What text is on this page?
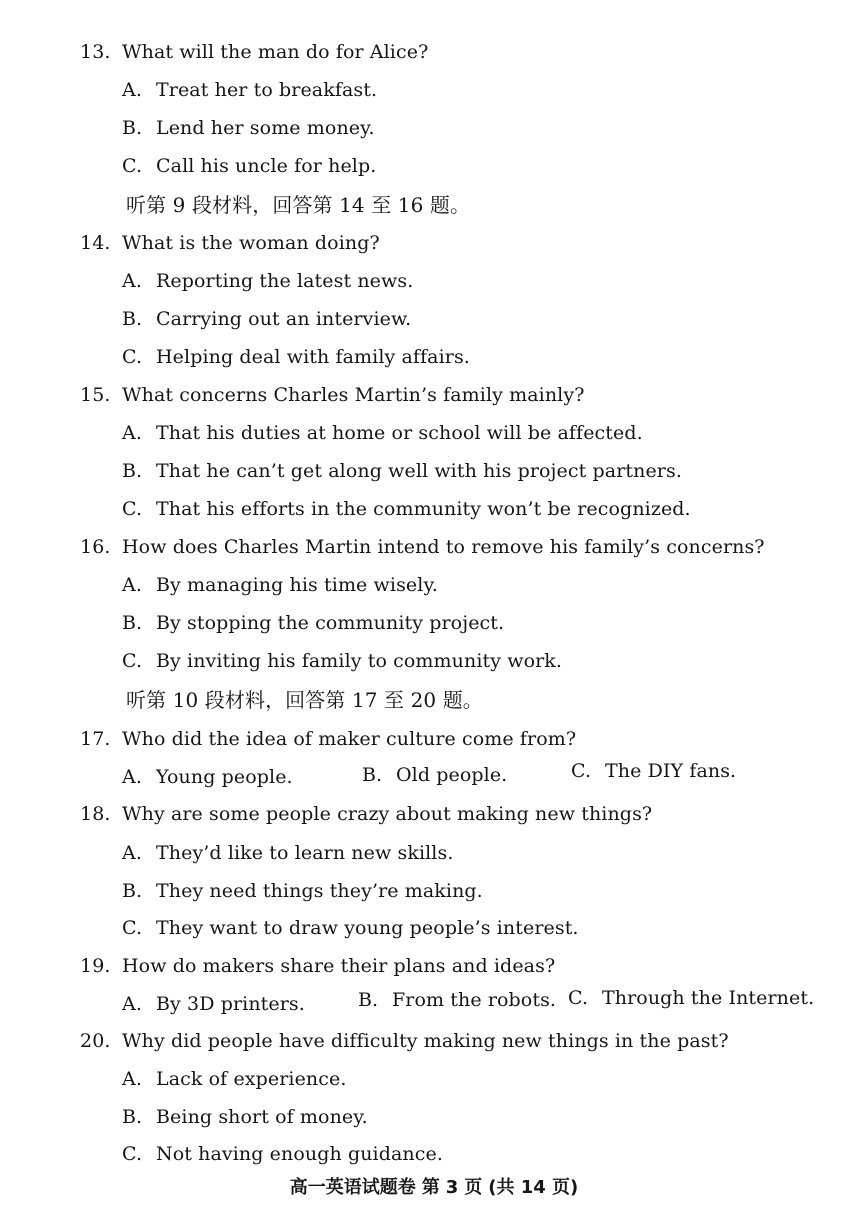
13. What will the man do for Alice?
A. Treat her to breakfast.
B. Lend her some money.
C. Call his uncle for help.
听第 9 段材料，回答第 14 至 16 题。
14. What is the woman doing?
A. Reporting the latest news.
B. Carrying out an interview.
C. Helping deal with family affairs.
15. What concerns Charles Martin’s family mainly?
A. That his duties at home or school will be affected.
B. That he can’t get along well with his project partners.
C. That his efforts in the community won’t be recognized.
16. How does Charles Martin intend to remove his family’s concerns?
A. By managing his time wisely.
B. By stopping the community project.
C. By inviting his family to community work.
听第 10 段材料，回答第 17 至 20 题。
17. Who did the idea of maker culture come from?
A. Young people.	B. Old people.	C. The DIY fans.
18. Why are some people crazy about making new things?
A. They’d like to learn new skills.
B. They need things they’re making.
C. They want to draw young people’s interest.
19. How do makers share their plans and ideas?
A. By 3D printers.	B. From the robots. C. Through the Internet.
20. Why did people have difficulty making new things in the past?
A. Lack of experience.
B. Being short of money.
C. Not having enough guidance.
高一英语试题卷 第 3 页 (共 14 页)
